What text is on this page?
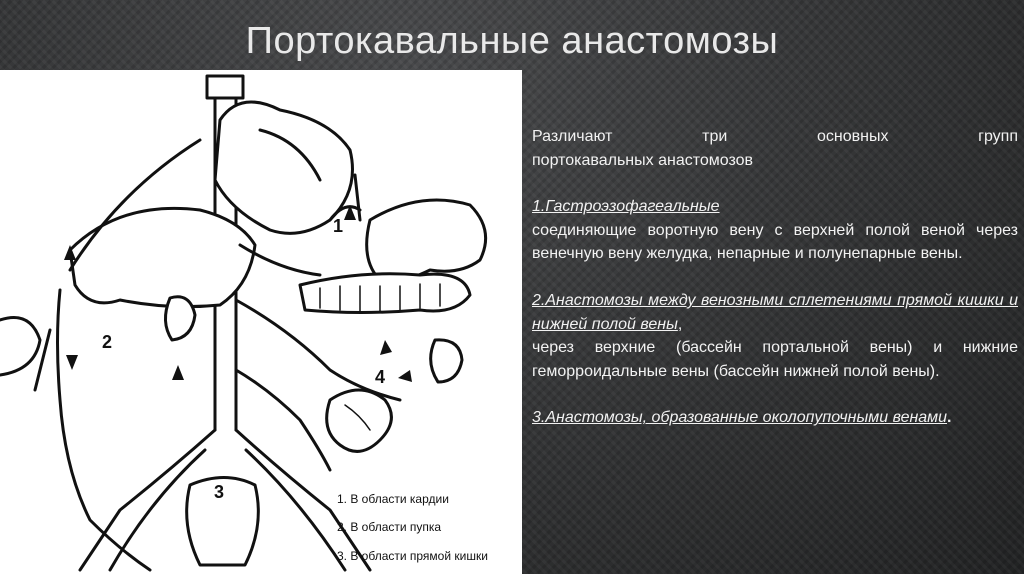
Портокавальные анастомозы
1
2
3
4
1. В области кардии
2. В области пупка
3. В области прямой кишки

Различают три основных групп

портокавальных анастомозов

1.Гастроэзофагеальные

соединяющие воротную вену с верхней полой веной через венечную вену желудка, непарные и полунепарные вены.

2.Анастомозы между венозными сплетениями прямой кишки и нижней полой вены,

через верхние (бассейн портальной вены) и нижние геморроидальные вены (бассейн нижней полой вены).

3.Анастомозы, образованные околопупочными венами.
